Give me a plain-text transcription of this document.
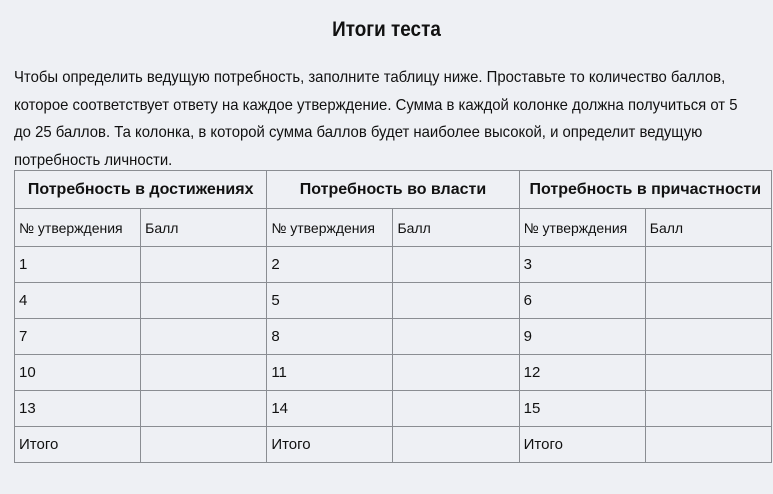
Итоги теста
Чтобы определить ведущую потребность, заполните таблицу ниже. Проставьте то количество баллов, которое соответствует ответу на каждое утверждение. Сумма в каждой колонке должна получиться от 5 до 25 баллов. Та колонка, в которой сумма баллов будет наиболее высокой, и определит ведущую потребность личности.
Потребность в достижениях		Потребность во власти		Потребность в причастности	
№ утверждения	Балл	№ утверждения	Балл	№ утверждения	Балл
1		2		3	
4		5		6	
7		8		9	
10		11		12	
13		14		15	
Итого		Итого		Итого	
